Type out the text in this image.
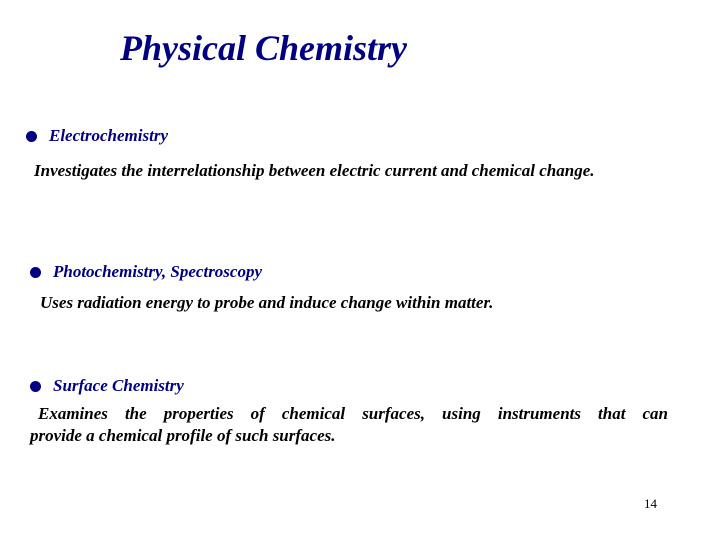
Physical Chemistry
Electrochemistry
Investigates the interrelationship between electric current and chemical change.
Photochemistry, Spectroscopy
Uses radiation energy to probe and induce change within matter.
Surface Chemistry
Examines the properties of chemical surfaces, using instruments that can
provide a chemical profile of such surfaces.
14
